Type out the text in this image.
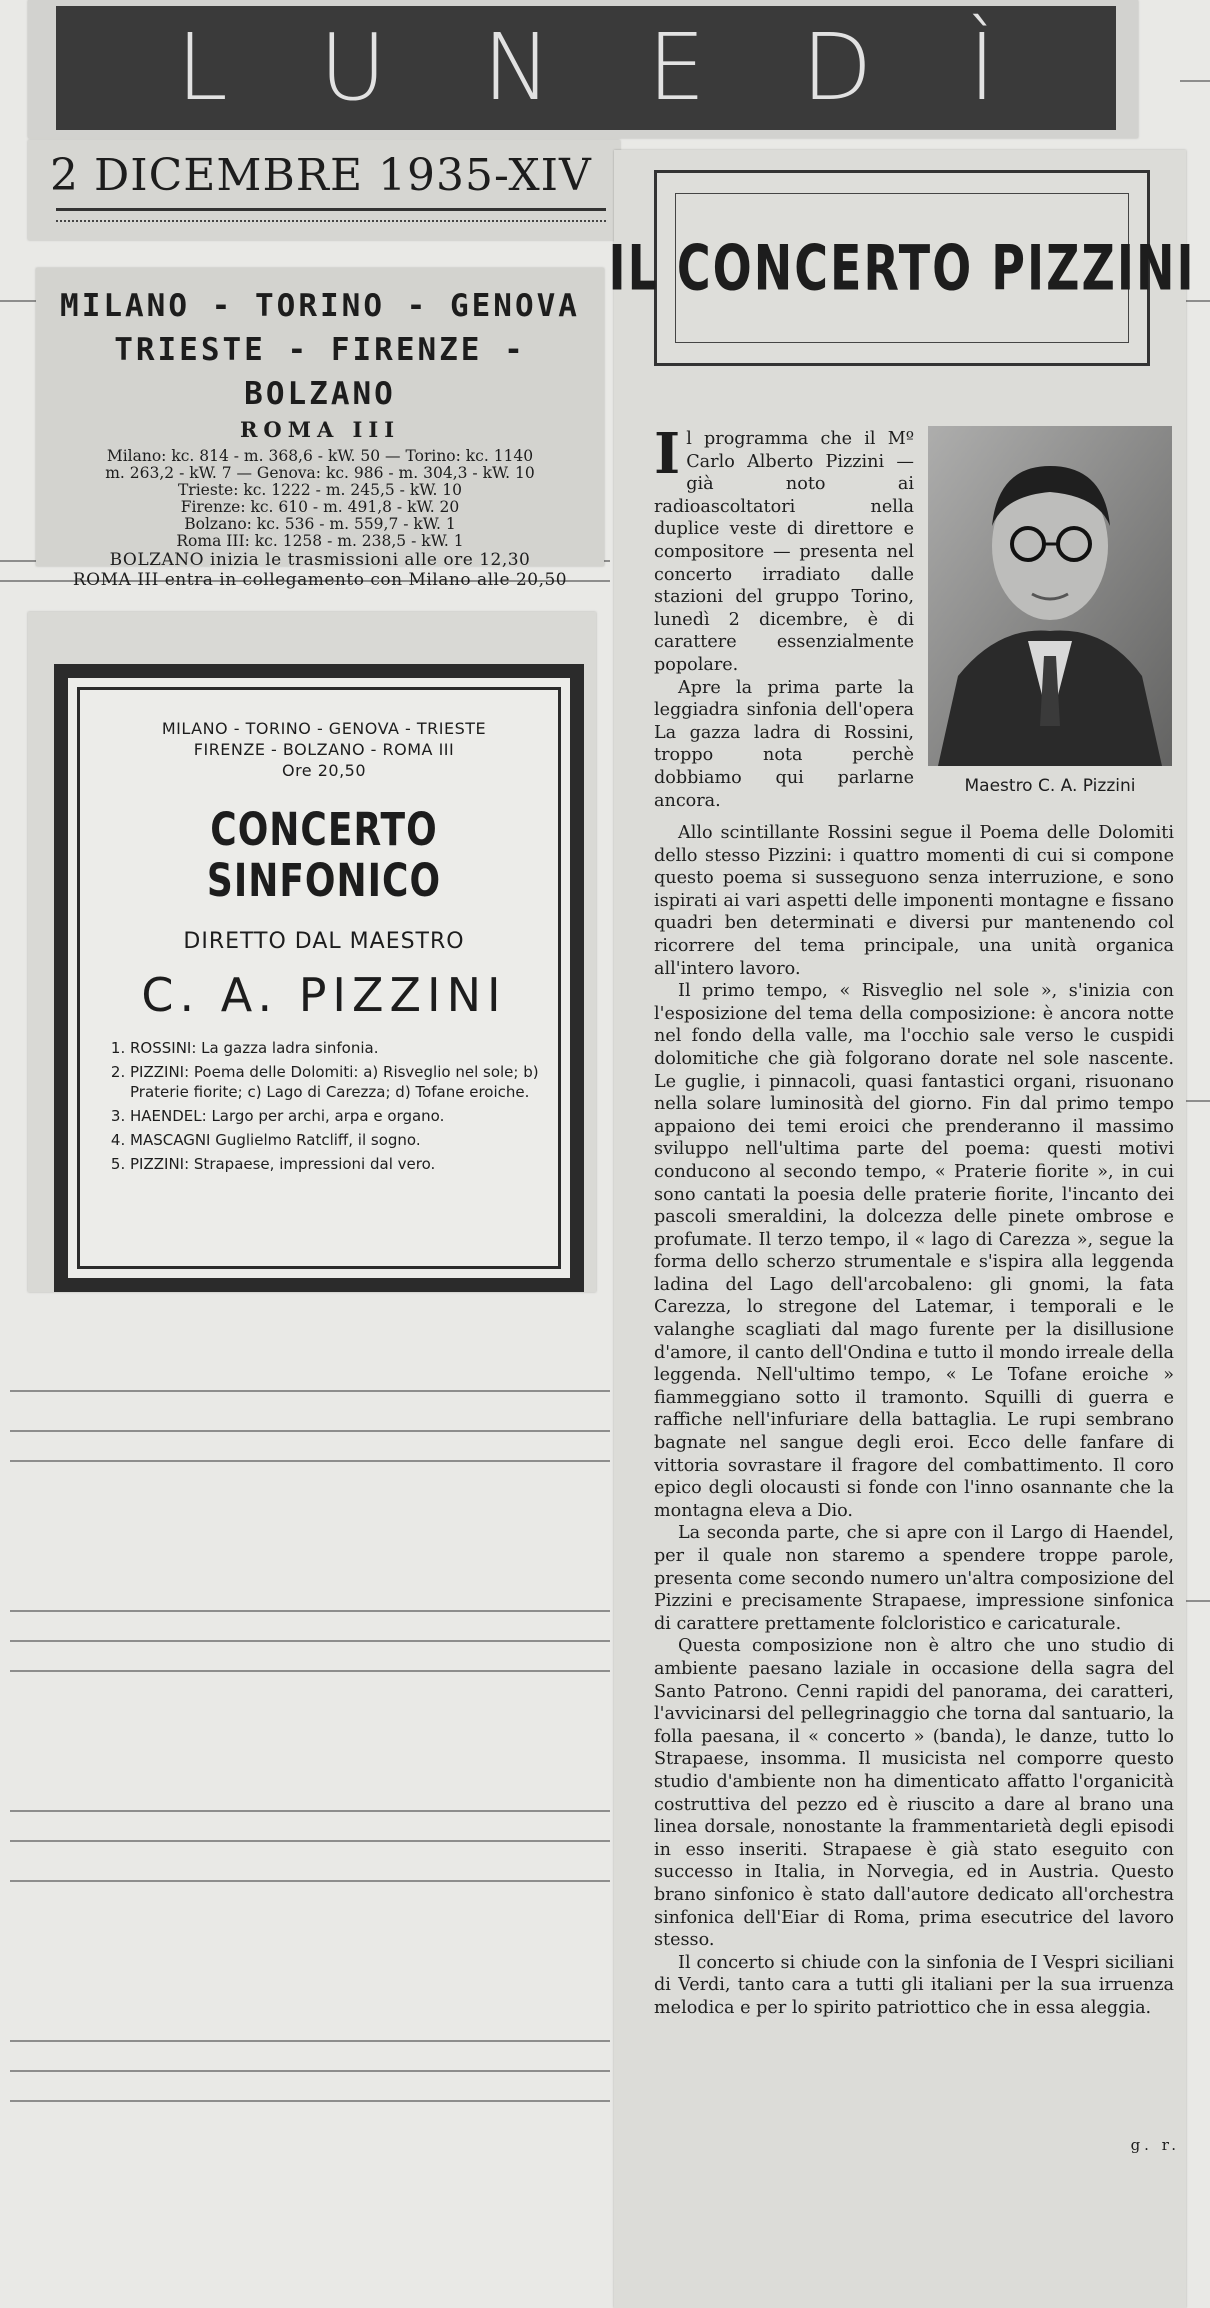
LUNEDÌ
2 DICEMBRE 1935-XIV
MILANO - TORINO - GENOVA
TRIESTE - FIRENZE - BOLZANO
ROMA III
Milano: kc. 814 - m. 368,6 - kW. 50 — Torino: kc. 1140
m. 263,2 - kW. 7 — Genova: kc. 986 - m. 304,3 - kW. 10
Trieste: kc. 1222 - m. 245,5 - kW. 10
Firenze: kc. 610 - m. 491,8 - kW. 20
Bolzano: kc. 536 - m. 559,7 - kW. 1
Roma III: kc. 1258 - m. 238,5 - kW. 1
BOLZANO inizia le trasmissioni alle ore 12,30
ROMA III entra in collegamento con Milano alle 20,50
MILANO - TORINO - GENOVA - TRIESTE
FIRENZE - BOLZANO - ROMA III
Ore 20,50
CONCERTO SINFONICO
DIRETTO DAL MAESTRO
C. A. PIZZINI
1. ROSSINI: La gazza ladra sinfonia.
2. PIZZINI: Poema delle Dolomiti: a) Risveglio nel sole; b) Praterie fiorite; c) Lago di Carezza; d) Tofane eroiche.
3. HAENDEL: Largo per archi, arpa e organo.
4. MASCAGNI Guglielmo Ratcliff, il sogno.
5. PIZZINI: Strapaese, impressioni dal vero.
IL CONCERTO PIZZINI
Maestro C. A. Pizzini

Il programma che il Mº Carlo Alberto Pizzini — già noto ai radioascoltatori nella duplice veste di direttore e compositore — presenta nel concerto irradiato dalle stazioni del gruppo Torino, lunedì 2 dicembre, è di carattere essenzialmente popolare.

Apre la prima parte la leggiadra sinfonia dell'opera La gazza ladra di Rossini, troppo nota perchè dobbiamo qui parlarne ancora.

Allo scintillante Rossini segue il Poema delle Dolomiti dello stesso Pizzini: i quattro momenti di cui si compone questo poema si susseguono senza interruzione, e sono ispirati ai vari aspetti delle imponenti montagne e fissano quadri ben determinati e diversi pur mantenendo col ricorrere del tema principale, una unità organica all'intero lavoro.

Il primo tempo, « Risveglio nel sole », s'inizia con l'esposizione del tema della composizione: è ancora notte nel fondo della valle, ma l'occhio sale verso le cuspidi dolomitiche che già folgorano dorate nel sole nascente. Le guglie, i pinnacoli, quasi fantastici organi, risuonano nella solare luminosità del giorno. Fin dal primo tempo appaiono dei temi eroici che prenderanno il massimo sviluppo nell'ultima parte del poema: questi motivi conducono al secondo tempo, « Praterie fiorite », in cui sono cantati la poesia delle praterie fiorite, l'incanto dei pascoli smeraldini, la dolcezza delle pinete ombrose e profumate. Il terzo tempo, il « lago di Carezza », segue la forma dello scherzo strumentale e s'ispira alla leggenda ladina del Lago dell'arcobaleno: gli gnomi, la fata Carezza, lo stregone del Latemar, i temporali e le valanghe scagliati dal mago furente per la disillusione d'amore, il canto dell'Ondina e tutto il mondo irreale della leggenda. Nell'ultimo tempo, « Le Tofane eroiche » fiammeggiano sotto il tramonto. Squilli di guerra e raffiche nell'infuriare della battaglia. Le rupi sembrano bagnate nel sangue degli eroi. Ecco delle fanfare di vittoria sovrastare il fragore del combattimento. Il coro epico degli olocausti si fonde con l'inno osannante che la montagna eleva a Dio.

La seconda parte, che si apre con il Largo di Haendel, per il quale non staremo a spendere troppe parole, presenta come secondo numero un'altra composizione del Pizzini e precisamente Strapaese, impressione sinfonica di carattere prettamente folcloristico e caricaturale.

Questa composizione non è altro che uno studio di ambiente paesano laziale in occasione della sagra del Santo Patrono. Cenni rapidi del panorama, dei caratteri, l'avvicinarsi del pellegrinaggio che torna dal santuario, la folla paesana, il « concerto » (banda), le danze, tutto lo Strapaese, insomma. Il musicista nel comporre questo studio d'ambiente non ha dimenticato affatto l'organicità costruttiva del pezzo ed è riuscito a dare al brano una linea dorsale, nonostante la frammentarietà degli episodi in esso inseriti. Strapaese è già stato eseguito con successo in Italia, in Norvegia, ed in Austria. Questo brano sinfonico è stato dall'autore dedicato all'orchestra sinfonica dell'Eiar di Roma, prima esecutrice del lavoro stesso.

Il concerto si chiude con la sinfonia de I Vespri siciliani di Verdi, tanto cara a tutti gli italiani per la sua irruenza melodica e per lo spirito patriottico che in essa aleggia.

g. r.
